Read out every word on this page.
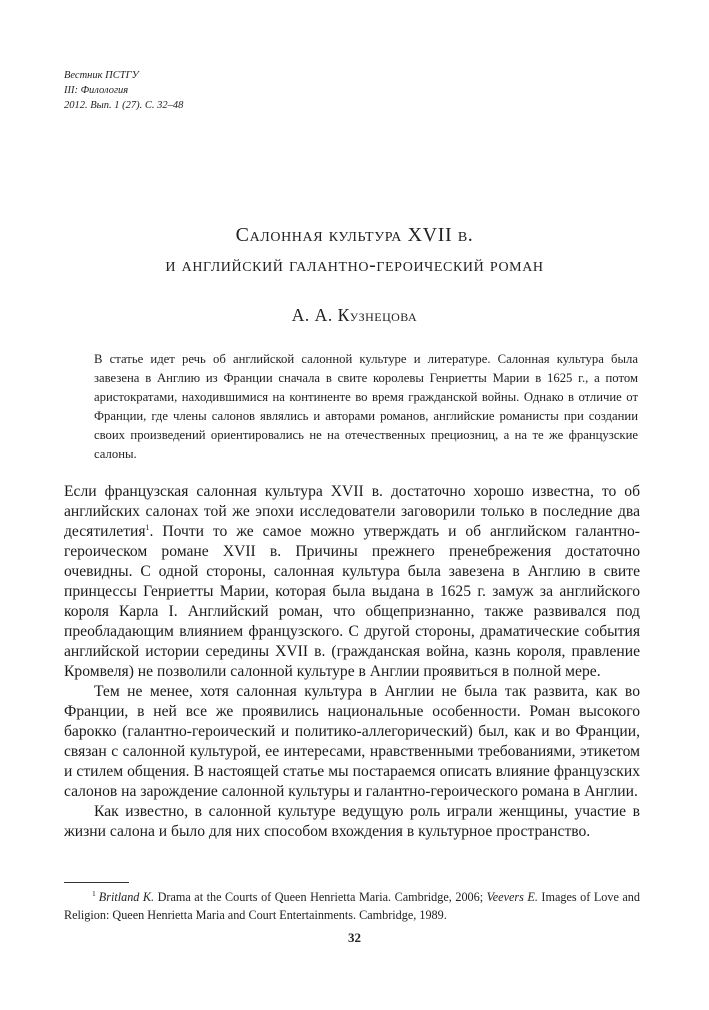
Вестник ПСТГУ
III: Филология
2012. Вып. 1 (27). С. 32–48
Салонная культура XVII в.
и английский галантно-героический роман
А. А. Кузнецова
В статье идет речь об английской салонной культуре и литературе. Салонная культура была завезена в Англию из Франции сначала в свите королевы Генриетты Марии в 1625 г., а потом аристократами, находившимися на континенте во время гражданской войны. Однако в отличие от Франции, где члены салонов являлись и авторами романов, английские романисты при создании своих произведений ориентировались не на отечественных прециозниц, а на те же французские салоны.

Если французская салонная культура XVII в. достаточно хорошо известна, то об английских салонах той же эпохи исследователи заговорили только в последние два десятилетия$^1$. Почти то же самое можно утверждать и об английском галантно-героическом романе XVII в. Причины прежнего пренебрежения достаточно очевидны. С одной стороны, салонная культура была завезена в Англию в свите принцессы Генриетты Марии, которая была выдана в 1625 г. замуж за английского короля Карла I. Английский роман, что общепризнанно, также развивался под преобладающим влиянием французского. С другой стороны, драматические события английской истории середины XVII в. (гражданская война, казнь короля, правление Кромвеля) не позволили салонной культуре в Англии проявиться в полной мере.

Тем не менее, хотя салонная культура в Англии не была так развита, как во Франции, в ней все же проявились национальные особенности. Роман высокого барокко (галантно-героический и политико-аллегорический) был, как и во Франции, связан с салонной культурой, ее интересами, нравственными требованиями, этикетом и стилем общения. В настоящей статье мы постараемся описать влияние французских салонов на зарождение салонной культуры и галантно-героического романа в Англии.

Как известно, в салонной культуре ведущую роль играли женщины, участие в жизни салона и было для них способом вхождения в культурное пространство.

$^1$ Britland K. Drama at the Courts of Queen Henrietta Maria. Cambridge, 2006; Veevers E. Images of Love and Religion: Queen Henrietta Maria and Court Entertainments. Cambridge, 1989.
32
